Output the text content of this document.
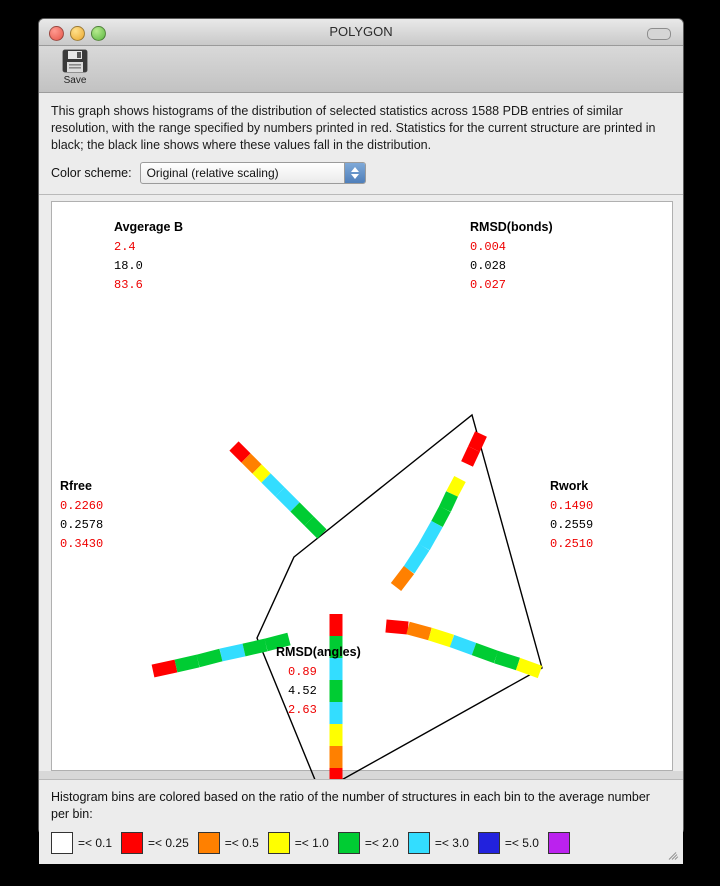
POLYGON
Save
This graph shows histograms of the distribution of selected statistics across 1588 PDB entries of similar resolution, with the range specified by numbers printed in red. Statistics for the current structure are printed in black; the black line shows where these values fall in the distribution.
Color scheme: Original (relative scaling)
Avgerage B
2.4
18.0
83.6
RMSD(bonds)
0.004
0.028
0.027
Rfree
0.2260
0.2578
0.3430
Rwork
0.1490
0.2559
0.2510
RMSD(angles)
0.89
4.52
2.63
Histogram bins are colored based on the ratio of the number of structures in each bin to the average number per bin:
=< 0.1	=< 0.25	=< 0.5	=< 1.0	=< 2.0	=< 3.0	=< 5.0
